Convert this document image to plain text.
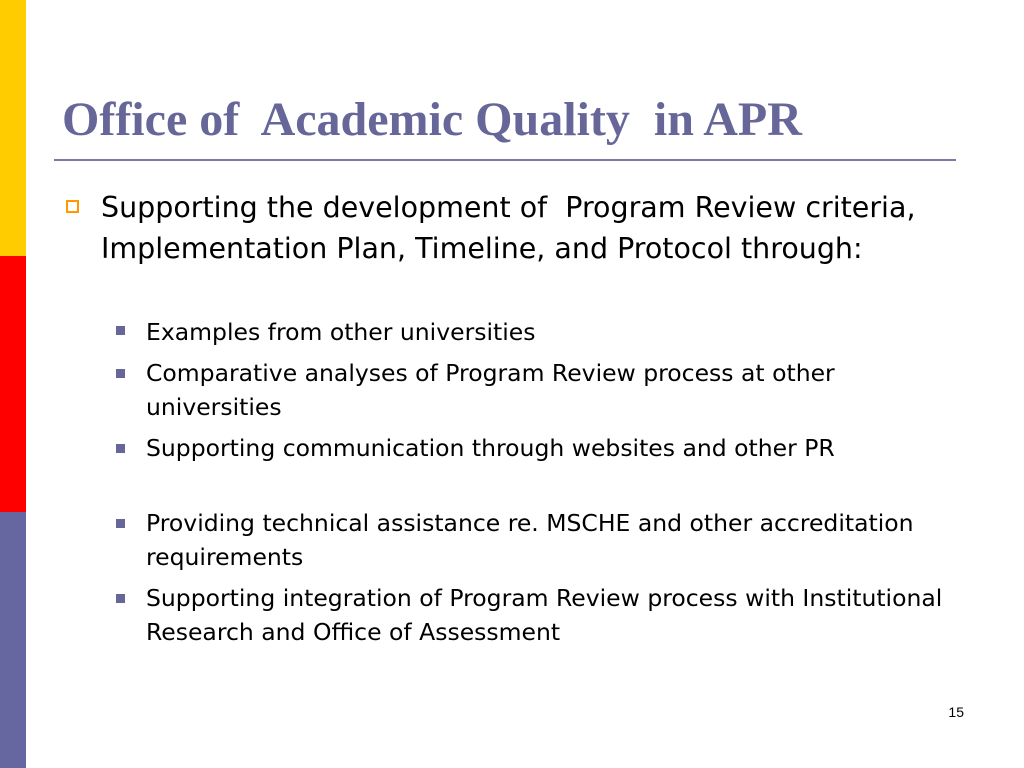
Office of  Academic Quality  in APR
Supporting the development of  Program Review criteria, Implementation Plan, Timeline, and Protocol through:
Examples from other universities
Comparative analyses of Program Review process at other universities
Supporting communication through websites and other PR
Providing technical assistance re. MSCHE and other accreditation requirements
Supporting integration of Program Review process with Institutional Research and Office of Assessment
15
